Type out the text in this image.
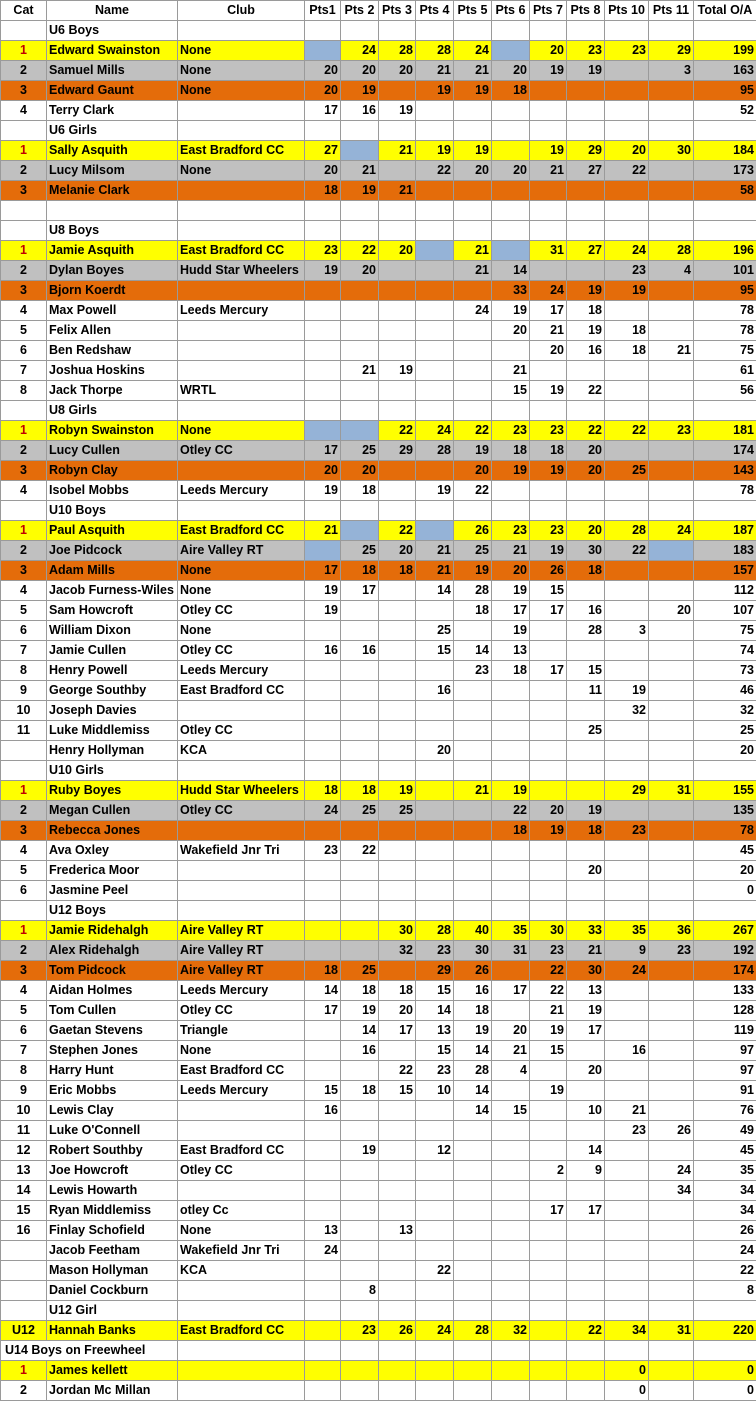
Cat	Name	Club	Pts1	Pts 2	Pts 3	Pts 4	Pts 5	Pts 6	Pts 7	Pts 8	Pts 10	Pts 11	Total O/A
	U6 Boys												
1	Edward Swainston	None		24	28	28	24		20	23	23	29	199
2	Samuel Mills	None	20	20	20	21	21	20	19	19		3	163
3	Edward Gaunt	None	20	19		19	19	18					95
4	Terry Clark		17	16	19								52
	U6 Girls												
1	Sally Asquith	East Bradford CC	27		21	19	19		19	29	20	30	184
2	Lucy Milsom	None	20	21		22	20	20	21	27	22		173
3	Melanie Clark		18	19	21								58

	U8 Boys												
1	Jamie Asquith	East Bradford CC	23	22	20		21		31	27	24	28	196
2	Dylan Boyes	Hudd Star Wheelers	19	20			21	14			23	4	101
3	Bjorn Koerdt							33	24	19	19		95
4	Max Powell	Leeds Mercury					24	19	17	18			78
5	Felix Allen							20	21	19	18		78
6	Ben Redshaw								20	16	18	21	75
7	Joshua Hoskins			21	19			21					61
8	Jack Thorpe	WRTL						15	19	22			56
	U8 Girls												
1	Robyn Swainston	None			22	24	22	23	23	22	22	23	181
2	Lucy Cullen	Otley CC	17	25	29	28	19	18	18	20			174
3	Robyn Clay		20	20			20	19	19	20	25		143
4	Isobel Mobbs	Leeds Mercury	19	18		19	22						78
	U10 Boys												
1	Paul Asquith	East Bradford CC	21		22		26	23	23	20	28	24	187
2	Joe Pidcock	Aire Valley RT		25	20	21	25	21	19	30	22		183
3	Adam Mills	None	17	18	18	21	19	20	26	18			157
4	Jacob Furness-Wiles	None	19	17		14	28	19	15				112
5	Sam Howcroft	Otley CC	19				18	17	17	16		20	107
6	William Dixon	None				25		19		28	3		75
7	Jamie Cullen	Otley CC	16	16		15	14	13					74
8	Henry Powell	Leeds Mercury					23	18	17	15			73
9	George Southby	East Bradford CC				16				11	19		46
10	Joseph Davies										32		32
11	Luke Middlemiss	Otley CC								25			25
	Henry Hollyman	KCA				20							20
	U10 Girls												
1	Ruby Boyes	Hudd Star Wheelers	18	18	19		21	19			29	31	155
2	Megan Cullen	Otley CC	24	25	25			22	20	19			135
3	Rebecca Jones							18	19	18	23		78
4	Ava Oxley	Wakefield Jnr Tri	23	22									45
5	Frederica Moor									20			20
6	Jasmine Peel												0
	U12 Boys												
1	Jamie Ridehalgh	Aire Valley RT			30	28	40	35	30	33	35	36	267
2	Alex Ridehalgh	Aire Valley RT			32	23	30	31	23	21	9	23	192
3	Tom Pidcock	Aire Valley RT	18	25		29	26		22	30	24		174
4	Aidan Holmes	Leeds Mercury	14	18	18	15	16	17	22	13			133
5	Tom Cullen	Otley CC	17	19	20	14	18		21	19			128
6	Gaetan Stevens	Triangle		14	17	13	19	20	19	17			119
7	Stephen Jones	None		16		15	14	21	15		16		97
8	Harry Hunt	East Bradford CC			22	23	28	4		20			97
9	Eric Mobbs	Leeds Mercury	15	18	15	10	14		19				91
10	Lewis Clay		16				14	15		10	21		76
11	Luke O'Connell										23	26	49
12	Robert Southby	East Bradford CC		19		12				14			45
13	Joe Howcroft	Otley CC							2	9		24	35
14	Lewis Howarth											34	34
15	Ryan Middlemiss	otley Cc							17	17			34
16	Finlay Schofield	None	13		13								26
	Jacob Feetham	Wakefield Jnr Tri	24										24
	Mason Hollyman	KCA				22							22
	Daniel Cockburn			8									8
	U12 Girl												
U12	Hannah Banks	East Bradford CC		23	26	24	28	32		22	34	31	220
U14 Boys on Freewheel													
1	James kellett										0		0
2	Jordan Mc Millan										0		0
